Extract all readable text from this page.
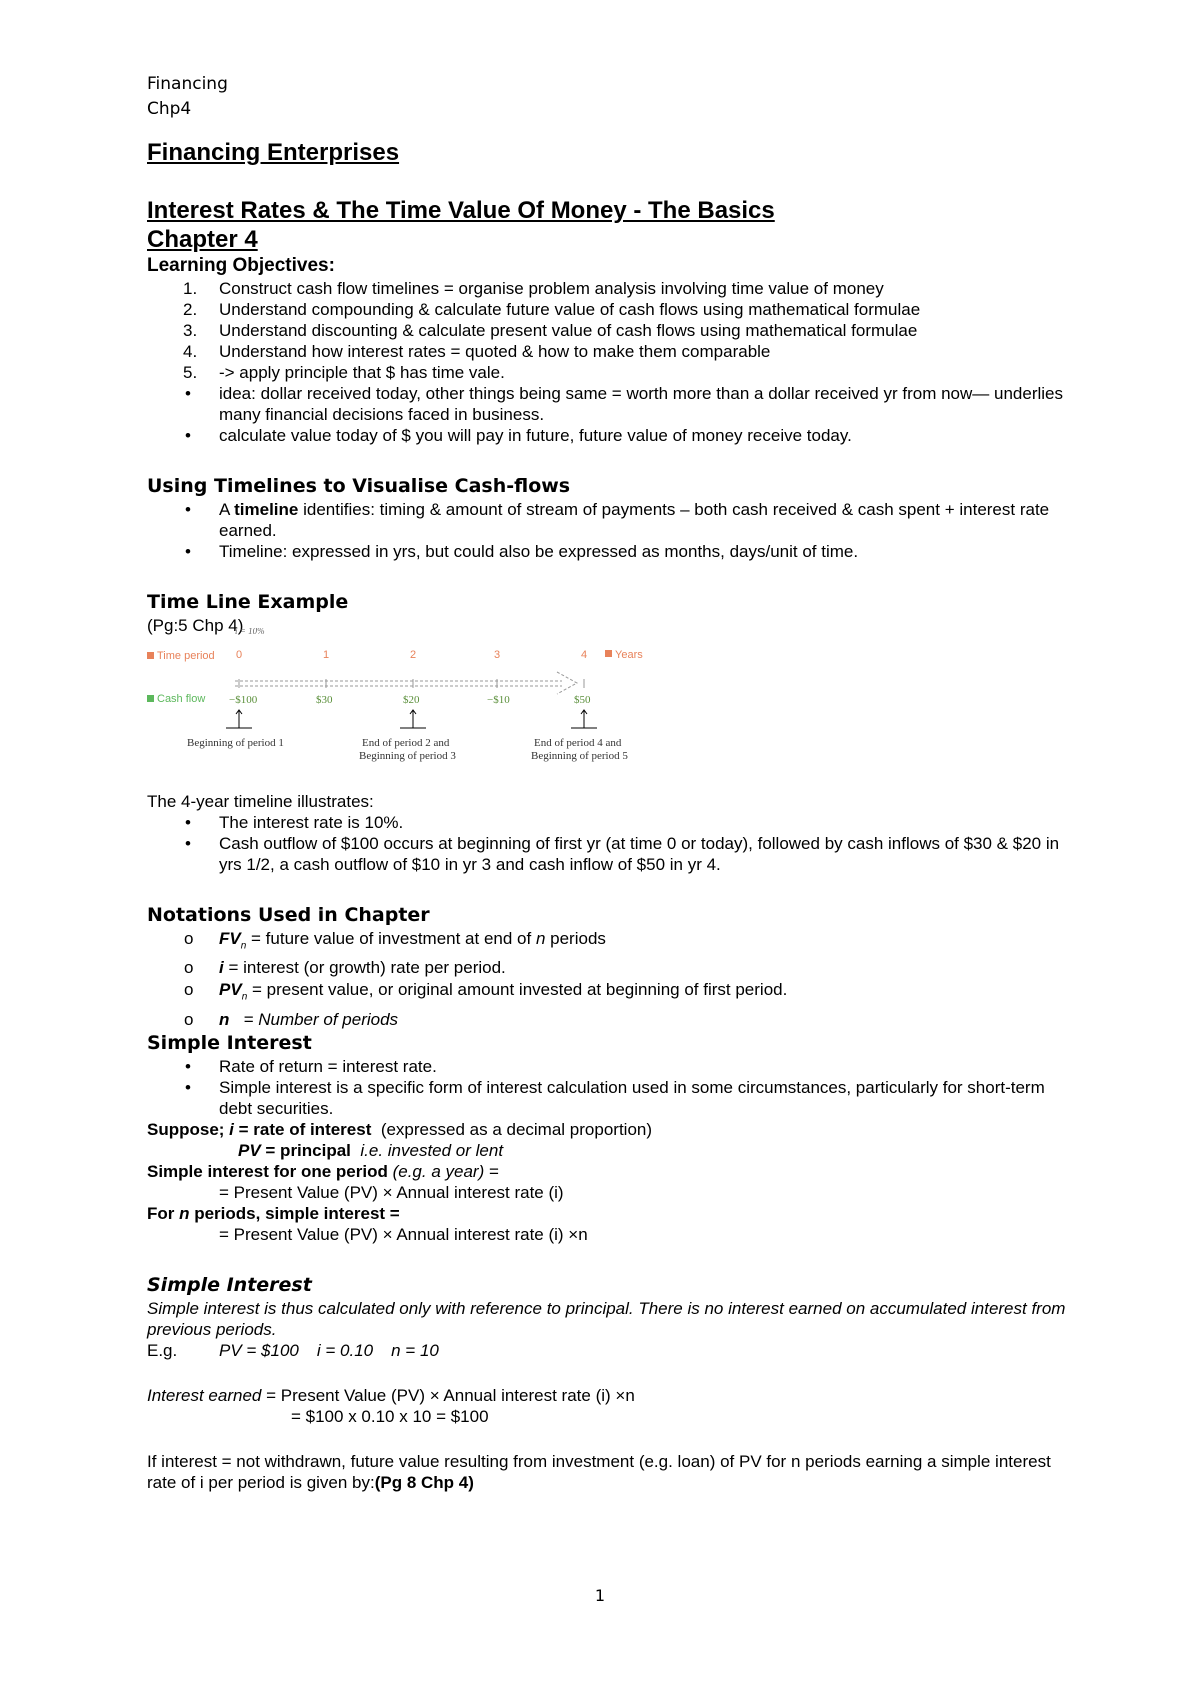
Financing
Chp4
Financing Enterprises
Interest Rates & The Time Value Of Money - The Basics
Chapter 4
Learning Objectives:
1. Construct cash flow timelines = organise problem analysis involving time value of money
2. Understand compounding & calculate future value of cash flows using mathematical formulae
3. Understand discounting & calculate present value of cash flows using mathematical formulae
4. Understand how interest rates = quoted & how to make them comparable
5. -> apply principle that $ has time vale.
• idea: dollar received today, other things being same = worth more than a dollar received yr from now— underlies many financial decisions faced in business.
• calculate value today of $ you will pay in future, future value of money receive today.
Using Timelines to Visualise Cash-flows
• A timeline identifies: timing & amount of stream of payments – both cash received & cash spent + interest rate earned.
• Timeline: expressed in yrs, but could also be expressed as months, days/unit of time.
Time Line Example
(Pg:5 Chp 4)
i = 10%
Time period	Years
Cash flow
0	1	2	3	4
−$100	$30	$20	−$10	$50
Beginning of period 1	End of period 2 and
Beginning of period 3
End of period 4 and
Beginning of period 5
The 4-year timeline illustrates:
• The interest rate is 10%.
• Cash outflow of $100 occurs at beginning of first yr (at time 0 or today), followed by cash inflows of $30 & $20 in yrs 1/2, a cash outflow of $10 in yr 3 and cash inflow of $50 in yr 4.
Notations Used in Chapter
o $FV_n$ = future value of investment at end of n periods
o i = interest (or growth) rate per period.
o $PV_n$ = present value, or original amount invested at beginning of first period.
o n   = Number of periods
Simple Interest
• Rate of return = interest rate.
• Simple interest is a specific form of interest calculation used in some circumstances, particularly for short-term debt securities.
Suppose; i = rate of interest  (expressed as a decimal proportion)
PV = principal  i.e. invested or lent
Simple interest for one period (e.g. a year) =
= Present Value (PV) × Annual interest rate (i)
For n periods, simple interest =
= Present Value (PV) × Annual interest rate (i) ×n
Simple Interest
Simple interest is thus calculated only with reference to principal. There is no interest earned on accumulated interest from previous periods.
E.g. PV = $100 i = 0.10 n = 10
Interest earned = Present Value (PV) × Annual interest rate (i) ×n
= $100 x 0.10 x 10 = $100
If interest = not withdrawn, future value resulting from investment (e.g. loan) of PV for n periods earning a simple interest rate of i per period is given by:(Pg 8 Chp 4)
1
